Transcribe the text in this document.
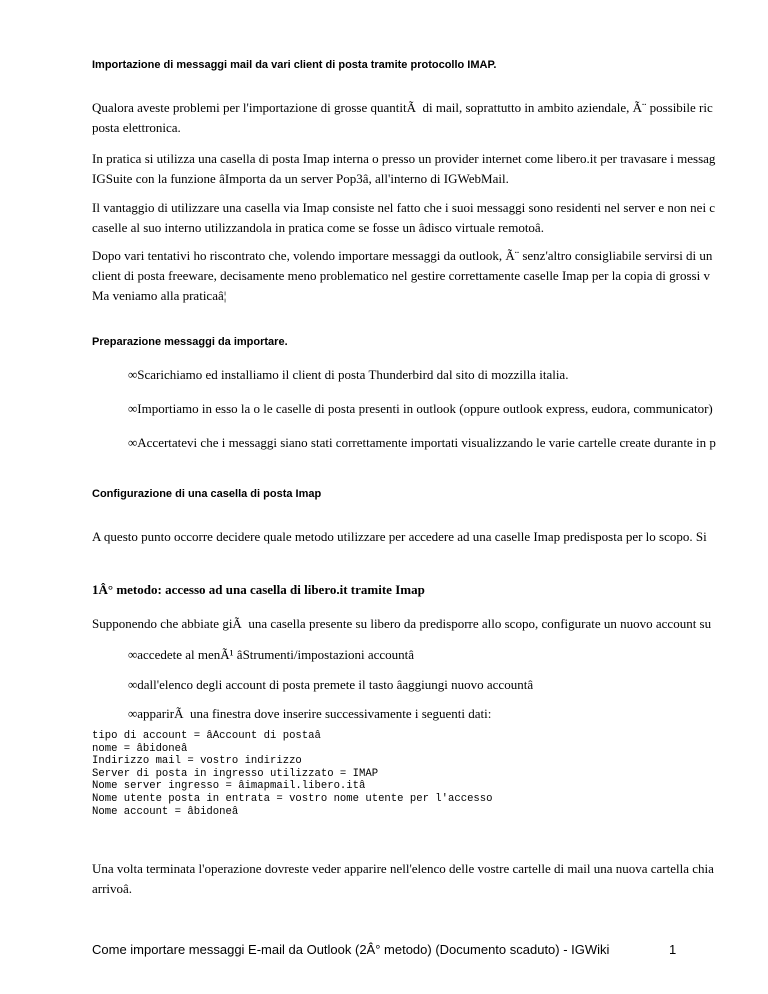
Importazione di messaggi mail da vari client di posta tramite protocollo IMAP.
Qualora aveste problemi per l'importazione di grosse quantitÃ  di mail, soprattutto in ambito aziendale, Ã¨ possibile ric
posta elettronica.
In pratica si utilizza una casella di posta Imap interna o presso un provider internet come libero.it per travasare i messag
IGSuite con la funzione âImporta da un server Pop3â, all'interno di IGWebMail.
Il vantaggio di utilizzare una casella via Imap consiste nel fatto che i suoi messaggi sono residenti nel server e non nei c
caselle al suo interno utilizzandola in pratica come se fosse un âdisco virtuale remotoâ.
Dopo vari tentativi ho riscontrato che, volendo importare messaggi da outlook, Ã¨ senz'altro consigliabile servirsi di un
client di posta freeware, decisamente meno problematico nel gestire correttamente caselle Imap per la copia di grossi v
Ma veniamo alla praticaâ¦
Preparazione messaggi da importare.
∞Scarichiamo ed installiamo il client di posta Thunderbird dal sito di mozzilla italia.
∞Importiamo in esso la o le caselle di posta presenti in outlook (oppure outlook express, eudora, communicator)
∞Accertatevi che i messaggi siano stati correttamente importati visualizzando le varie cartelle create durante in p
Configurazione di una casella di posta Imap
A questo punto occorre decidere quale metodo utilizzare per accedere ad una caselle Imap predisposta per lo scopo. Si
1Â° metodo: accesso ad una casella di libero.it tramite Imap
Supponendo che abbiate giÃ  una casella presente su libero da predisporre allo scopo, configurate un nuovo account su
∞accedete al menÃ¹ âStrumenti/impostazioni accountâ
∞dall'elenco degli account di posta premete il tasto âaggiungi nuovo accountâ
∞apparirÃ  una finestra dove inserire successivamente i seguenti dati:
tipo di account = âAccount di postaâ
nome = âbidoneâ
Indirizzo mail = vostro indirizzo
Server di posta in ingresso utilizzato = IMAP
Nome server ingresso = âimapmail.libero.itâ
Nome utente posta in entrata = vostro nome utente per l'accesso
Nome account = âbidoneâ
Una volta terminata l'operazione dovreste veder apparire nell'elenco delle vostre cartelle di mail una nuova cartella chia
arrivoâ.
Come importare messaggi E-mail da Outlook (2Â° metodo) (Documento scaduto) - IGWiki	1
